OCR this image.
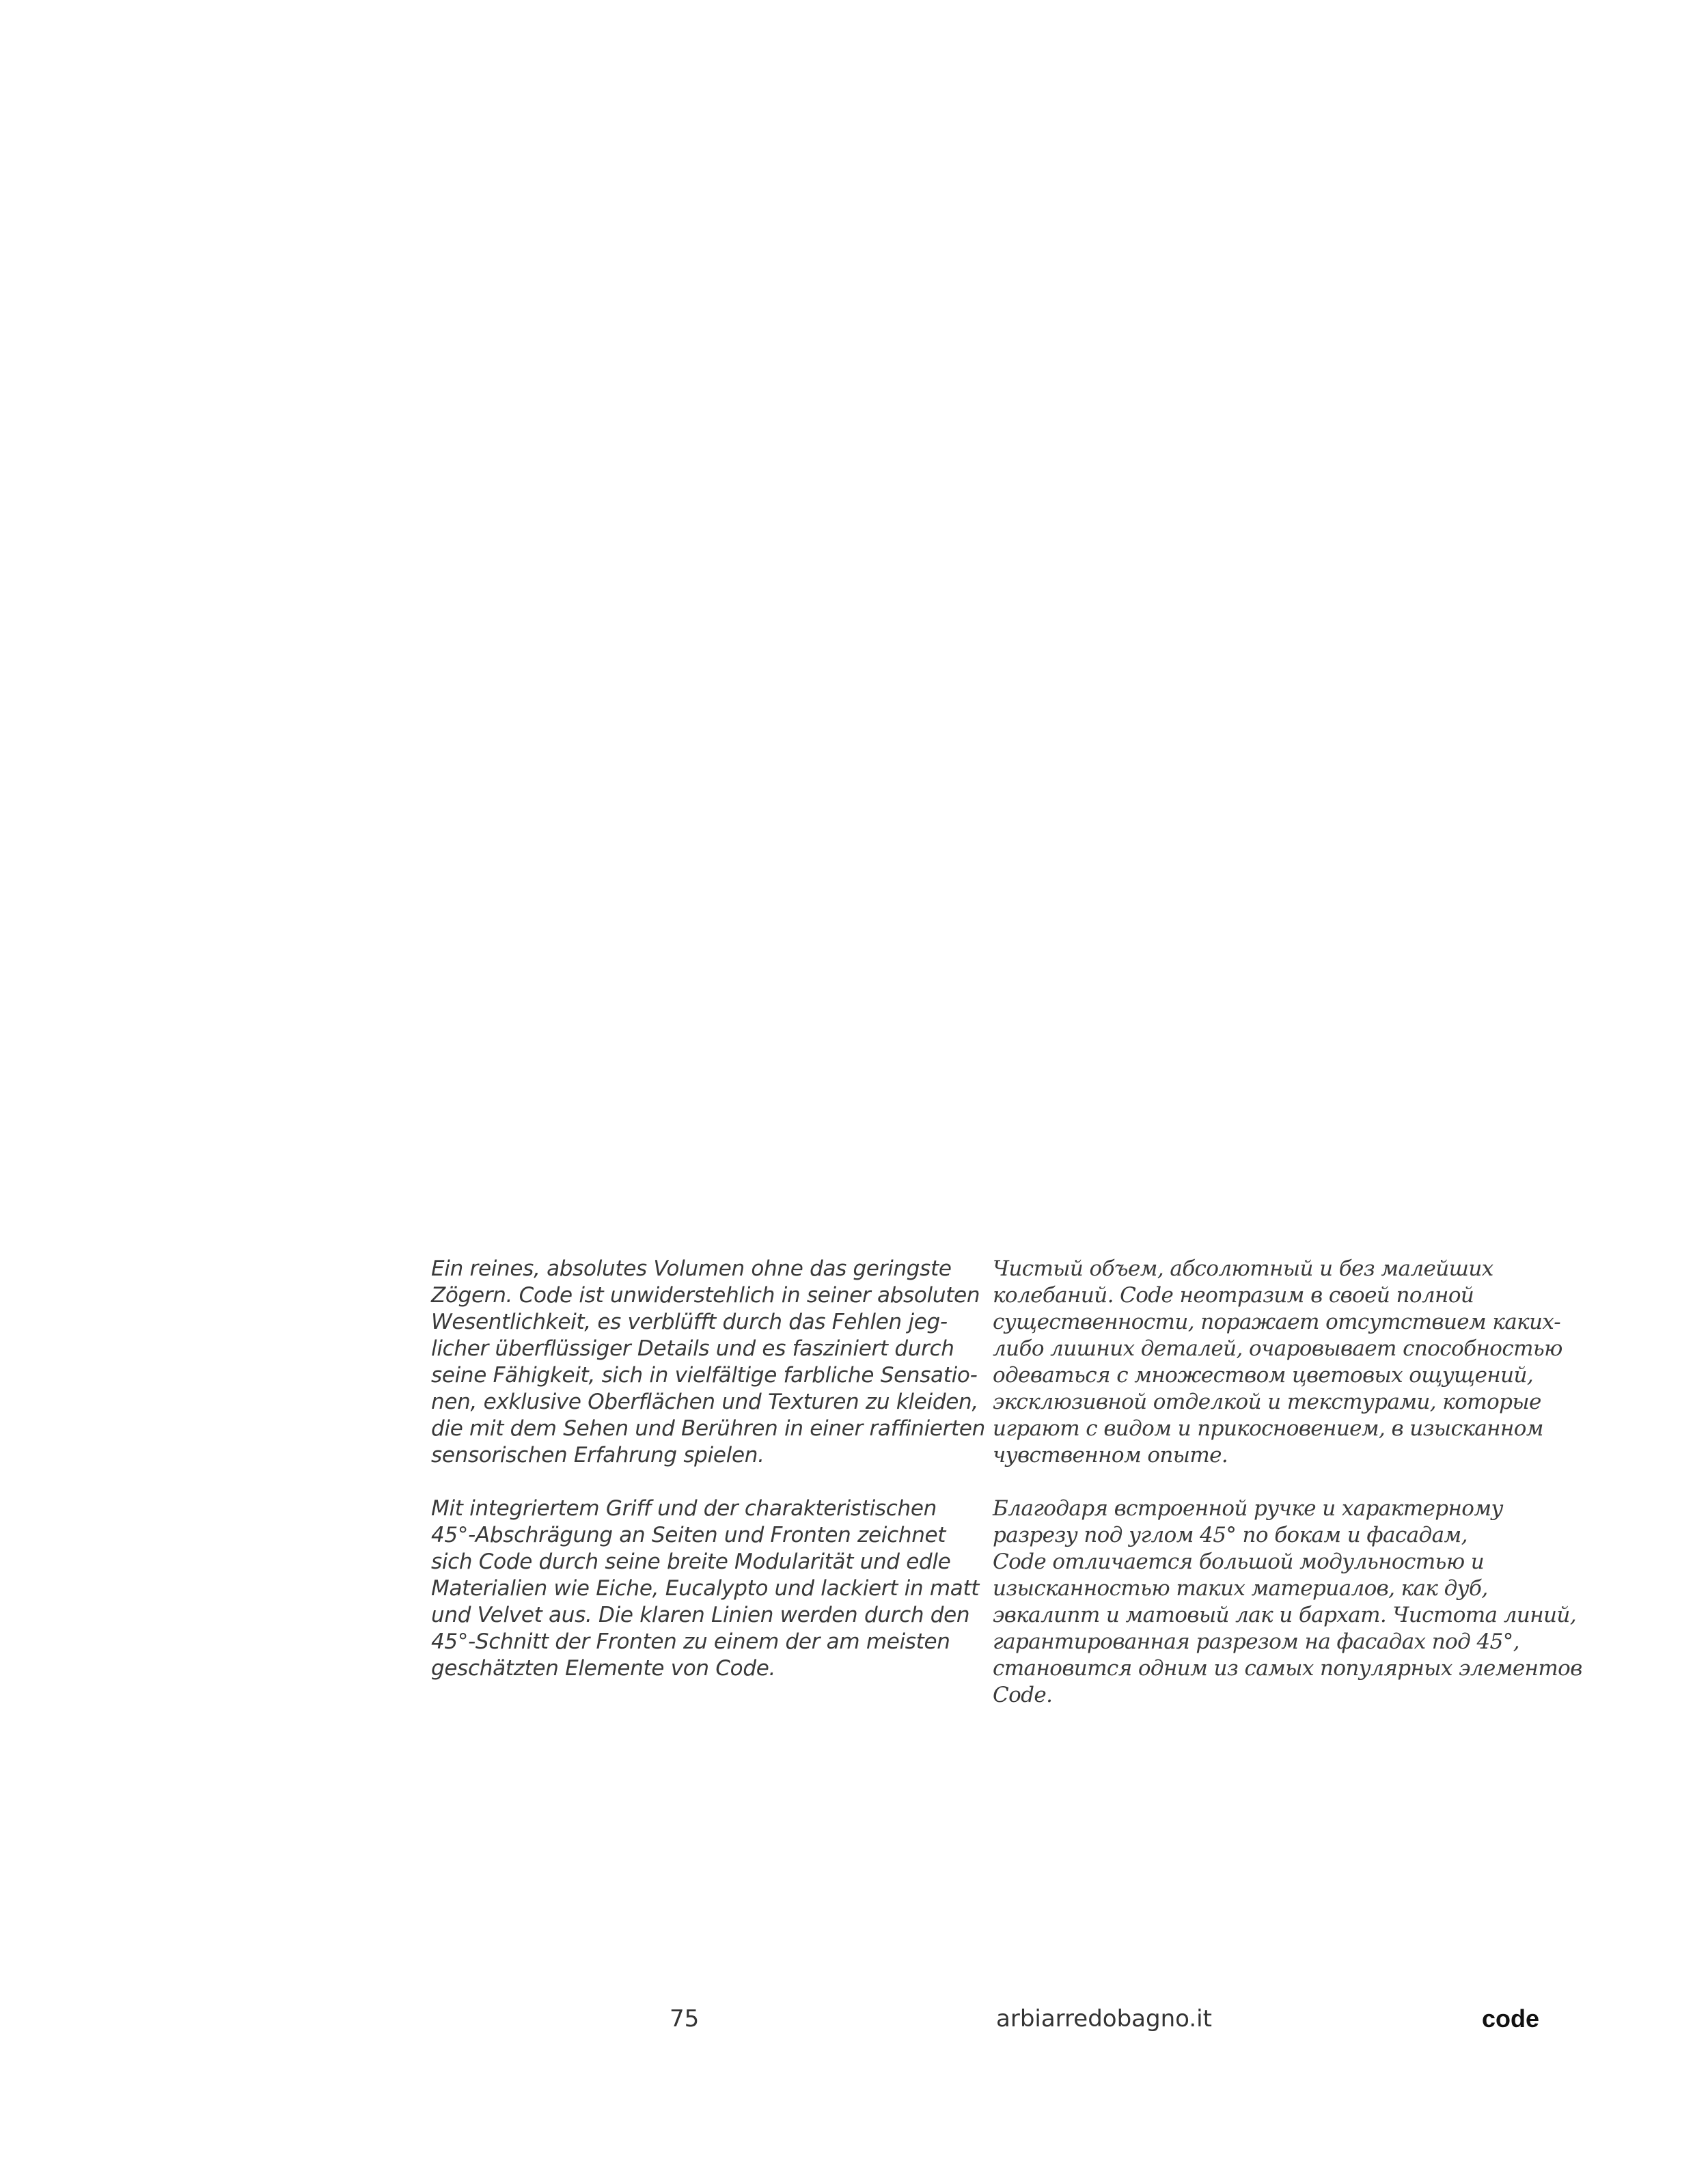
Ein reines, absolutes Volumen ohne das geringste
Zögern. Code ist unwiderstehlich in seiner absoluten
Wesentlichkeit, es verblüfft durch das Fehlen jeg-
licher überflüssiger Details und es fasziniert durch
seine Fähigkeit, sich in vielfältige farbliche Sensatio-
nen, exklusive Oberflächen und Texturen zu kleiden,
die mit dem Sehen und Berühren in einer raffinierten
sensorischen Erfahrung spielen.

Mit integriertem Griff und der charakteristischen
45°-Abschrägung an Seiten und Fronten zeichnet
sich Code durch seine breite Modularität und edle
Materialien wie Eiche, Eucalypto und lackiert in matt
und Velvet aus. Die klaren Linien werden durch den
45°-Schnitt der Fronten zu einem der am meisten
geschätzten Elemente von Code.

Чистый объем, абсолютный и без малейших
колебаний. Code неотразим в своей полной
существенности, поражает отсутствием каких-
либо лишних деталей, очаровывает способностью
одеваться с множеством цветовых ощущений,
эксклюзивной отделкой и текстурами, которые
играют с видом и прикосновением, в изысканном
чувственном опыте.

Благодаря встроенной ручке и характерному
разрезу под углом 45° по бокам и фасадам,
Code отличается большой модульностью и
изысканностью таких материалов, как дуб,
эвкалипт и матовый лак и бархат. Чистота линий,
гарантированная разрезом на фасадах под 45°,
становится одним из самых популярных элементов
Code.

75	arbiarredobagno.it	code
